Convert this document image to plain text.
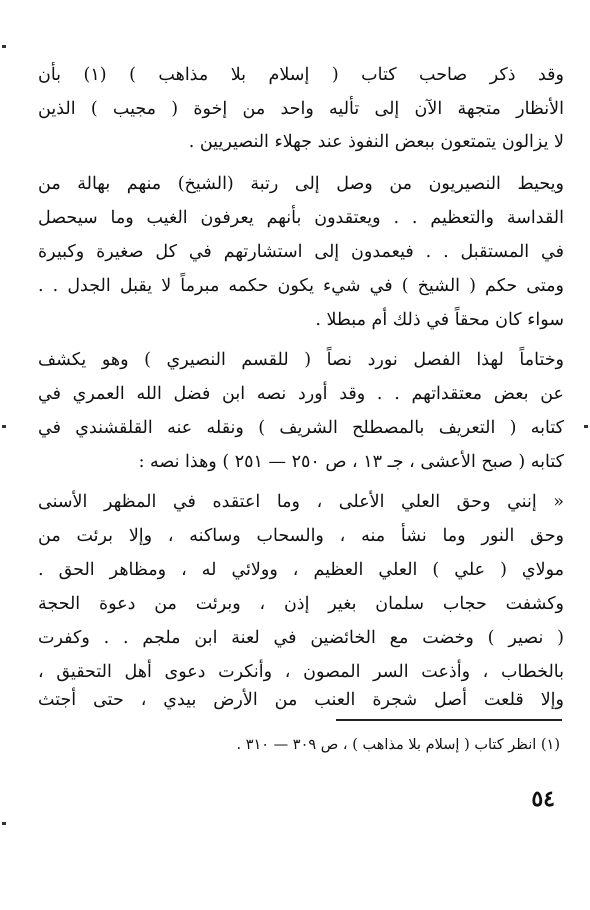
وقد ذكر صاحب كتاب ( إسلام بلا مذاهب ) (١) بأن
الأنظار متجهة الآن إلى تأليه واحد من إخوة ( مجيب ) الذين
لا يزالون يتمتعون ببعض النفوذ عند جهلاء النصيريين .
ويحيط النصيريون من وصل إلى رتبة (الشيخ) منهم بهالة من
القداسة والتعظيم . . ويعتقدون بأنهم يعرفون الغيب وما سيحصل
في المستقبل . . فيعمدون إلى استشارتهم في كل صغيرة وكبيرة
ومتى حكم ( الشيخ ) في شيء يكون حكمه مبرماً لا يقبل الجدل . .
سواء كان محقاً في ذلك أم مبطلا .
وختاماً لهذا الفصل نورد نصاً ( للقسم النصيري ) وهو يكشف
عن بعض معتقداتهم . . وقد أورد نصه ابن فضل الله العمري في
كتابه ( التعريف بالمصطلح الشريف ) ونقله عنه القلقشندي في
كتابه ( صبح الأعشى ، جـ ١٣ ، ص ٢٥٠ — ٢٥١ ) وهذا نصه :
« إنني وحق العلي الأعلى ، وما اعتقده في المظهر الأسنى
وحق النور وما نشأ منه ، والسحاب وساكنه ، وإلا برئت من
مولاي ( علي ) العلي العظيم ، وولائي له ، ومظاهر الحق .
وكشفت حجاب سلمان بغير إذن ، وبرئت من دعوة الحجة
( نصير ) وخضت مع الخائضين في لعنة ابن ملجم . . وكفرت
بالخطاب ، وأذعت السر المصون ، وأنكرت دعوى أهل التحقيق ،
وإلا قلعت أصل شجرة العنب من الأرض بيدي ، حتى أجتث
(١) انظر كتاب ( إسلام بلا مذاهب ) ، ص ٣٠٩ — ٣١٠ .
٥٤
